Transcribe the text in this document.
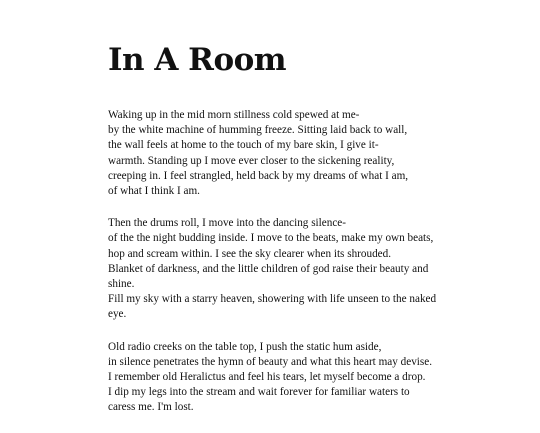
In A Room
Waking up in the mid morn stillness cold spewed at me-
by the white machine of humming freeze. Sitting laid back to wall,
the wall feels at home to the touch of my bare skin, I give it-
warmth. Standing up I move ever closer to the sickening reality,
creeping in. I feel strangled, held back by my dreams of what I am,
of what I think I am.
Then the drums roll, I move into the dancing silence-
of the the night budding inside. I move to the beats, make my own beats,
hop and scream within. I see the sky clearer when its shrouded.
Blanket of darkness, and the little children of god raise their beauty and
shine.
Fill my sky with a starry heaven, showering with life unseen to the naked
eye.
Old radio creeks on the table top, I push the static hum aside,
in silence penetrates the hymn of beauty and what this heart may devise.
I remember old Heralictus and feel his tears, let myself become a drop.
I dip my legs into the stream and wait forever for familiar waters to
caress me. I'm lost.
